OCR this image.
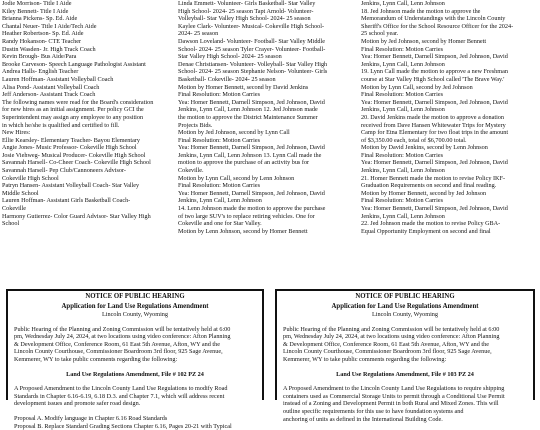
Jodie Morrison- Title I Aide

Kiley Bennett- Title I Aide

Brianna Pickens- Sp. Ed. Aide

Chantal Neuer- Title I Aide/Tech Aide

Heather Robertson- Sp. Ed. Aide

Randy Hokanson- CTE Teacher

Dustin Wasden- Jr. High Track Coach

Kevin Brough- Bus Aide/Para

Brooke Carveson- Speech Language Pathologist Assistant

Andrea Halls- English Teacher

Lauren Hoffman- Assistant Volleyball Coach

Alisa Pond- Assistant Volleyball Coach

Jeff Anderson- Assistant Track Coach

The following names were read for the Board's consideration

for new hires as an initial assignment. Per policy GCI the

Superintendent may assign any employee to any position

in which he/she is qualified and certified to fill.

New Hires:

Ellie Kearsley- Elementary Teacher- Bayou Elementary

Angie Jones- Music Professor- Cokeville High School

Josie Viehweg- Musical Producer- Cokeville High School

Savannah Harsell- Co-Cheer Coach- Cokeville High School

Savannah Harsell- Pep Club/Cannoneers Advisor-

Cokeville High School

Patryn Hansen- Assistant Volleyball Coach- Star Valley

Middle School

Lauren Hoffman- Assistant Girls Basketball Coach-

Cokeville

Harmony Gutierrez- Color Guard Advisor- Star Valley High

School

Linda Emmett- Volunteer- Girls Basketball- Star Valley

High School- 2024- 25 season Tapt Arnold- Volunteer-

Volleyball- Star Valley High School- 2024- 25 season

Kaylee Clark- Volunteer- Musical- Cokeville High School-

2024- 25 season

Dawson Loveland- Volunteer- Football- Star Valley Middle

School- 2024- 25 season Tyler Crayer- Volunteer- Football-

Star Valley High School- 2024- 25 season

Denae Christiansen- Volunteer- Volleyball- Star Valley High

School- 2024- 25 season Stephanie Nelson- Volunteer- Girls

Basketball- Cokeville- 2024- 25 season

Motion by Homer Bennett, second by David Jenkins

Final Resolution: Motion Carries

Yea: Homer Bennett, Darnell Simpson, Jed Johnson, David

Jenkins, Lynn Call, Lenn Johnson 12. Jed Johnson made

the motion to approve the District Maintenance Summer

Projects Bids.

Motion by Jed Johnson, second by Lynn Call

Final Resolution: Motion Carries

Yea: Homer Bennett, Darnell Simpson, Jed Johnson, David

Jenkins, Lynn Call, Lenn Johnson 13. Lynn Call made the

motion to approve the purchase of an activity bus for

Cokeville.

Motion by Lynn Call, second by Lenn Johnson

Final Resolution: Motion Carries

Yea: Homer Bennett, Darnell Simpson, Jed Johnson, David

Jenkins, Lynn Call, Lenn Johnson

14. Lenn Johnson made the motion to approve the purchase

of two large SUV's to replace retiring vehicles. One for

Cokeville and one for Star Valley.

Motion by Lenn Johnson, second by Homer Bennett

Jenkins, Lynn Call, Lenn Johnson

18. Jed Johnson made the motion to approve the

Memorandum of Understandings with the Lincoln County

Sheriff's Office for the School Resource Officer for the 2024-

25 school year.

Motion by Jed Johnson, second by Homer Bennett

Final Resolution: Motion Carries

Yea: Homer Bennett, Darnell Simpson, Jed Johnson, David

Jenkins, Lynn Call, Lenn Johnson

19. Lynn Call made the motion to approve a new Freshman

course at Star Valley High School called 'The Brave Way.'

Motion by Lynn Call, second by Jed Johnson

Final Resolution: Motion Carries

Yea: Homer Bennett, Darnell Simpson, Jed Johnson, David

Jenkins, Lynn Call, Lenn Johnson

20. David Jenkins made the motion to approve a donation

received from Dave Hansen Whitewater Trips for Mystery

Camp for Etna Elementary for two float trips in the amount

of $3,350.00 each, total of $6,700.00 total.

Motion by David Jenkins, second by Lenn Johnson

Final Resolution: Motion Carries

Yea: Homer Bennett, Darnell Simpson, Jed Johnson, David

Jenkins, Lynn Call, Lenn Johnson

21. Homer Bennett made the motion to revise Policy IKF-

Graduation Requirements on second and final reading.

Motion by Homer Bennett, second by Jed Johnson

Final Resolution: Motion Carries

Yea: Homer Bennett, Darnell Simpson, Jed Johnson, David

Jenkins, Lynn Call, Lenn Johnson

22. Jed Johnson made the motion to revise Policy GBA-

Equal Opportunity Employment on second and final

NOTICE OF PUBLIC HEARING
Application for Land Use Regulations Amendment
Lincoln County, Wyoming

Public Hearing of the Planning and Zoning Commission will be tentatively held at 6:00

pm, Wednesday July 24, 2024, at two locations using video conference: Afton Planning

& Development Office, Conference Room, 61 East 5th Avenue, Afton, WY and the

Lincoln County Courthouse, Commissioner Boardroom 3rd floor, 925 Sage Avenue,

Kemmerer, WY to take public comments regarding the following:

Land Use Regulations Amendment, File # 102 PZ 24

A Proposed Amendment to the Lincoln County Land Use Regulations to modify Road

Standards in Chapter 6.16-6.19, 6.18 D.3. and Chapter 7.1, which will address recent

development issues and promote safer road design.

Proposal A. Modify language in Chapter 6.16 Road Standards

Proposal B. Replace Standard Grading Sections Chapter 6.16, Pages 20-21 with Typical

NOTICE OF PUBLIC HEARING
Application for Land Use Regulations Amendment
Lincoln County, Wyoming

Public Hearing of the Planning and Zoning Commission will be tentatively held at 6:00

pm, Wednesday July 24, 2024, at two locations using video conference: Afton Planning

& Development Office, Conference Room, 61 East 5th Avenue, Afton, WY and the

Lincoln County Courthouse, Commissioner Boardroom 3rd floor, 925 Sage Avenue,

Kemmerer, WY to take public comments regarding the following:

Land Use Regulations Amendment, File # 103 PZ 24

A Proposed Amendment to the Lincoln County Land Use Regulations to require shipping

containers used as Commercial Storage Units to permit through a Conditional Use Permit

instead of a Zoning and Development Permit in both Rural and Mixed Zones. This will

outline specific requirements for this use to have foundation systems and

anchoring of units as defined in the International Building Code.
